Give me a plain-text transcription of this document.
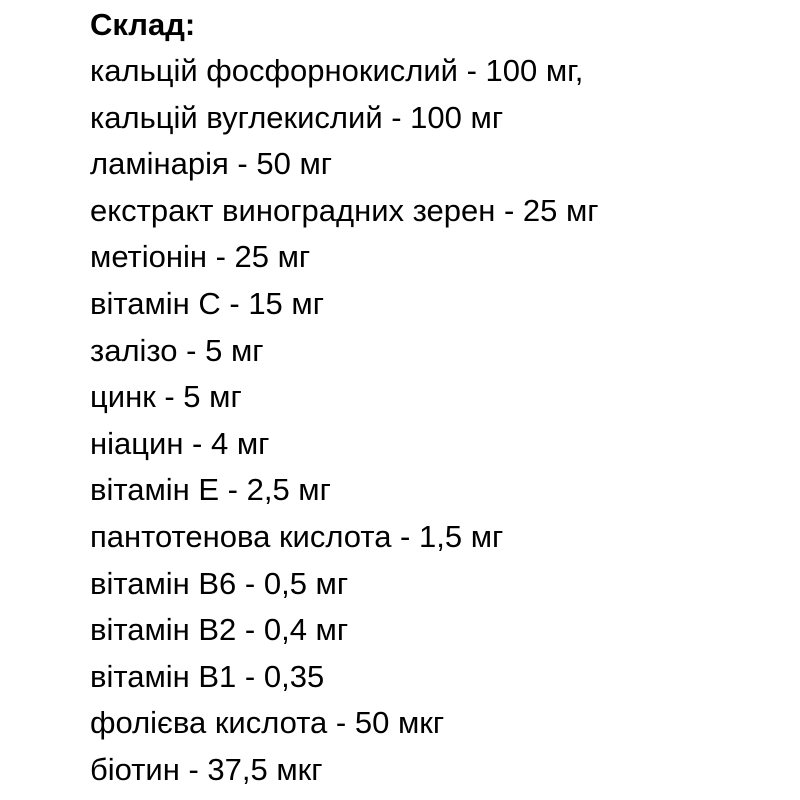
Склад:
кальцій фосфорнокислий - 100 мг,
кальцій вуглекислий - 100 мг
ламінарія - 50 мг
екстракт виноградних зерен - 25 мг
метіонін - 25 мг
вітамін С - 15 мг
залізо - 5 мг
цинк - 5 мг
ніацин - 4 мг
вітамін Е - 2,5 мг
пантотенова кислота - 1,5 мг
вітамін В6 - 0,5 мг
вітамін В2 - 0,4 мг
вітамін В1 - 0,35
фолієва кислота - 50 мкг
біотин - 37,5 мкг
